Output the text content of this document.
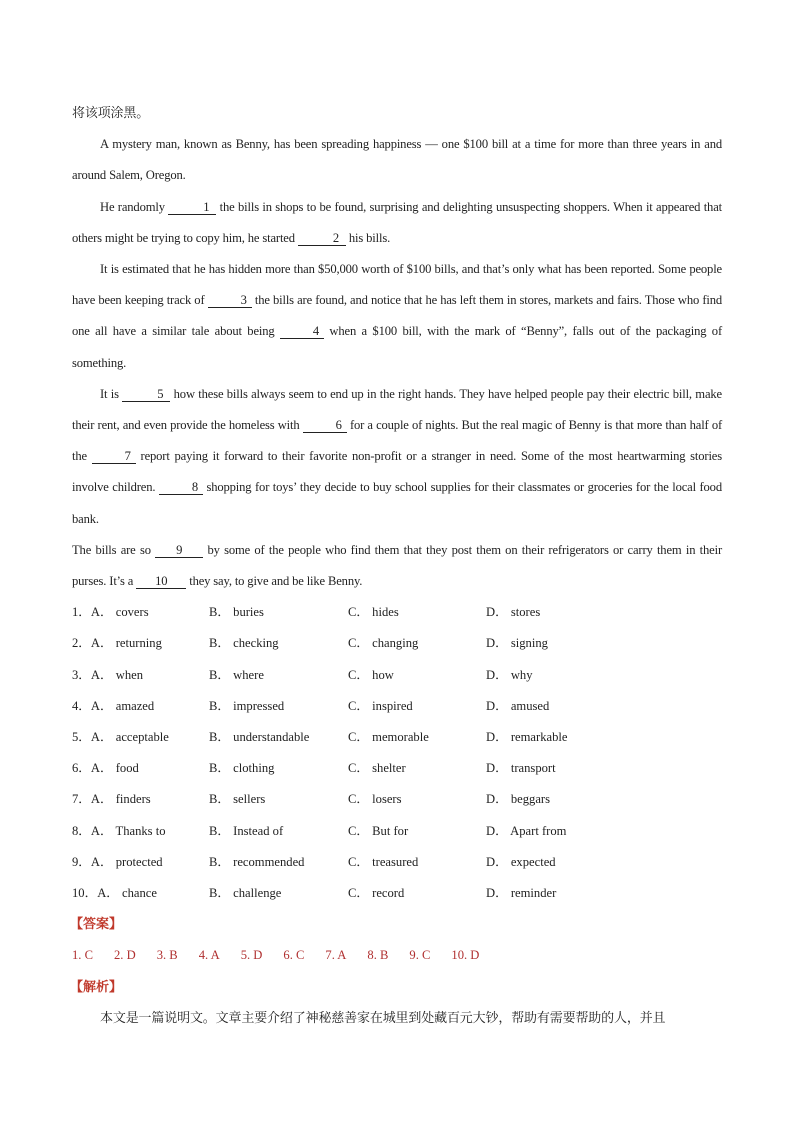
将该项涂黑。

A mystery man, known as Benny, has been spreading happiness — one $100 bill at a time for more than three years in and around Salem, Oregon.

He randomly	1 the bills in shops to be found, surprising and delighting unsuspecting shoppers. When it appeared that others might be trying to copy him, he started	2 his bills.

It is estimated that he has hidden more than $50,000 worth of $100 bills, and that’s only what has been reported. Some people have been keeping track of	3 the bills are found, and notice that he has left them in stores, markets and fairs. Those who find one all have a similar tale about being	4 when a $100 bill, with the mark of “Benny”, falls out of the packaging of something.

It is	5 how these bills always seem to end up in the right hands. They have helped people pay their electric bill, make their rent, and even provide the homeless with	6 for a couple of nights. But the real magic of Benny is that more than half of the	7 report paying it forward to their favorite non-profit or a stranger in need. Some of the most heartwarming stories involve children.	8 shopping for toys’ they decide to buy school supplies for their classmates or groceries for the local food bank.

The bills are so 9 by some of the people who find them that they post them on their refrigerators or carry them in their purses. It’s a 10 they say, to give and be like Benny.

1．A． covers	B． buries	C． hides	D． stores
2．A． returning	B． checking	C． changing	D． signing
3．A． when	B． where	C． how	D． why
4．A． amazed	B． impressed	C． inspired	D． amused
5．A． acceptable	B． understandable	C． memorable	D． remarkable
6．A． food	B． clothing	C． shelter	D． transport
7．A． finders	B． sellers	C． losers	D． beggars
8．A． Thanks to	B． Instead of	C． But for	D． Apart from
9．A． protected	B． recommended	C． treasured	D． expected
10．A． chance	B． challenge	C． record	D． reminder

【答案】

1. C 2. D 3. B 4. A 5. D 6. C 7. A 8. B 9. C 10. D

【解析】

本文是一篇说明文。文章主要介绍了神秘慈善家在城里到处藏百元大钞，帮助有需要帮助的人，并且
